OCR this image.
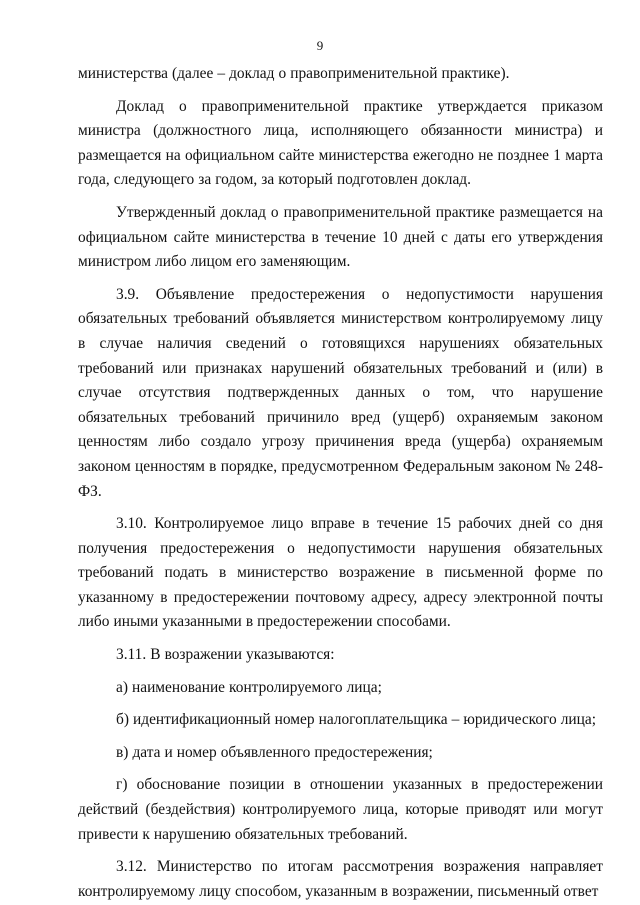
9

министерства (далее – доклад о правоприменительной практике).

Доклад о правоприменительной практике утверждается приказом министра (должностного лица, исполняющего обязанности министра) и размещается на официальном сайте министерства ежегодно не позднее 1 марта года, следующего за годом, за который подготовлен доклад.

Утвержденный доклад о правоприменительной практике размещается на официальном сайте министерства в течение 10 дней с даты его утверждения министром либо лицом его заменяющим.

3.9. Объявление предостережения о недопустимости нарушения обязательных требований объявляется министерством контролируемому лицу в случае наличия сведений о готовящихся нарушениях обязательных требований или признаках нарушений обязательных требований и (или) в случае отсутствия подтвержденных данных о том, что нарушение обязательных требований причинило вред (ущерб) охраняемым законом ценностям либо создало угрозу причинения вреда (ущерба) охраняемым законом ценностям в порядке, предусмотренном Федеральным законом № 248-ФЗ.

3.10. Контролируемое лицо вправе в течение 15 рабочих дней со дня получения предостережения о недопустимости нарушения обязательных требований подать в министерство возражение в письменной форме по указанному в предостережении почтовому адресу, адресу электронной почты либо иными указанными в предостережении способами.

3.11. В возражении указываются:

а) наименование контролируемого лица;

б) идентификационный номер налогоплательщика – юридического лица;

в) дата и номер объявленного предостережения;

г) обоснование позиции в отношении указанных в предостережении действий (бездействия) контролируемого лица, которые приводят или могут привести к нарушению обязательных требований.

3.12. Министерство по итогам рассмотрения возражения направляет контролируемому лицу способом, указанным в возражении, письменный ответ
